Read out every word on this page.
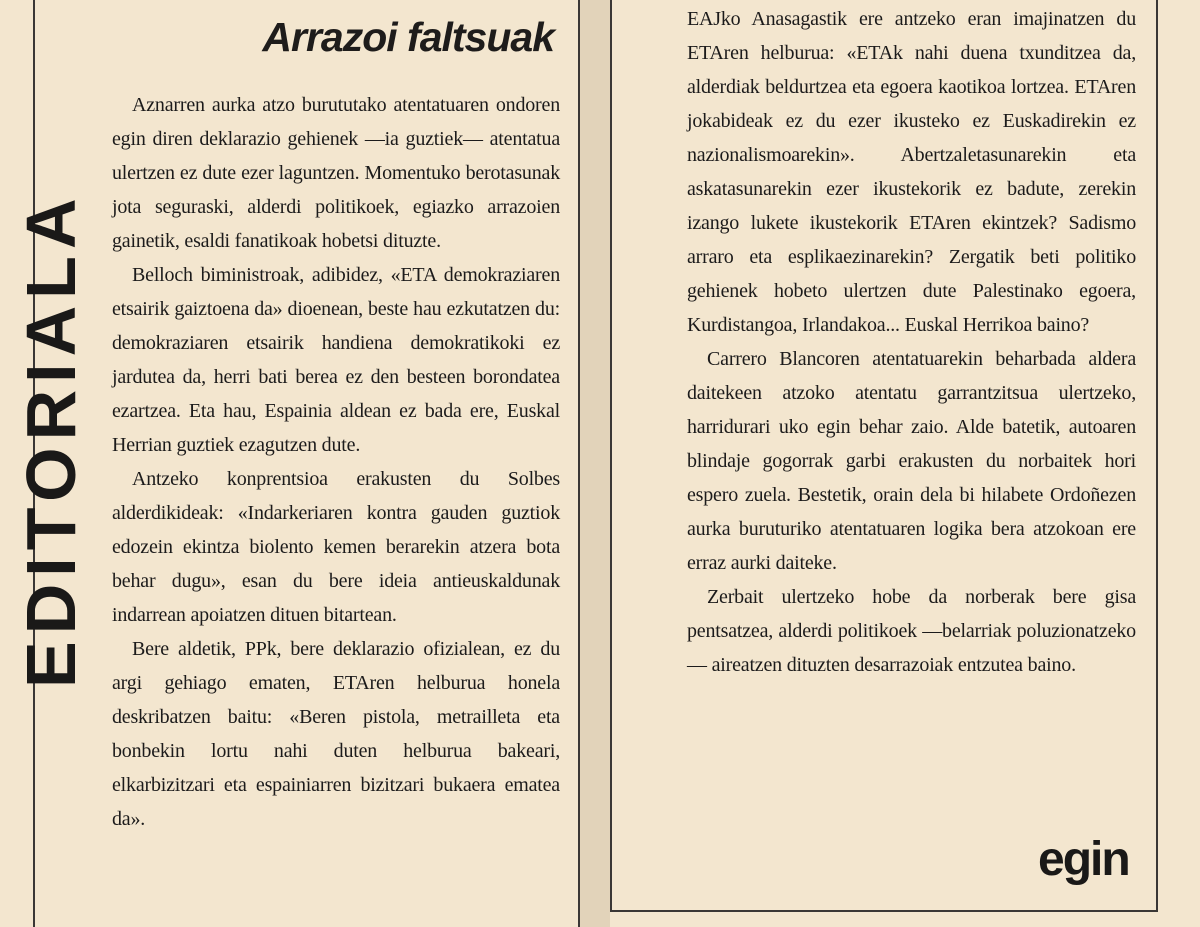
EDITORIALA
Arrazoi faltsuak

Aznarren aurka atzo burututako atentatuaren ondoren egin diren deklarazio gehienek —ia guztiek— atentatua ulertzen ez dute ezer laguntzen. Momentuko berotasunak jota seguraski, alderdi politikoek, egiazko arrazoien gainetik, esaldi fanatikoak hobetsi dituzte.

Belloch biministroak, adibidez, «ETA demokraziaren etsairik gaiztoena da» dioenean, beste hau ezkutatzen du: demokraziaren etsairik handiena demokratikoki ez jardutea da, herri bati berea ez den besteen borondatea ezartzea. Eta hau, Espainia aldean ez bada ere, Euskal Herrian guztiek ezagutzen dute.

Antzeko konprentsioa erakusten du Solbes alderdikideak: «Indarkeriaren kontra gauden guztiok edozein ekintza biolento kemen berarekin atzera bota behar dugu», esan du bere ideia antieuskaldunak indarrean apoiatzen dituen bitartean.

Bere aldetik, PPk, bere deklarazio ofizialean, ez du argi gehiago ematen, ETAren helburua honela deskribatzen baitu: «Beren pistola, metrailleta eta bonbekin lortu nahi duten helburua bakeari, elkarbizitzari eta espainiarren bizitzari bukaera ematea da».

EAJko Anasagastik ere antzeko eran imajinatzen du ETAren helburua: «ETAk nahi duena txunditzea da, alderdiak beldurtzea eta egoera kaotikoa lortzea. ETAren jokabideak ez du ezer ikusteko ez Euskadirekin ez nazionalismoarekin». Abertzaletasunarekin eta askatasunarekin ezer ikustekorik ez badute, zerekin izango lukete ikustekorik ETAren ekintzek? Sadismo arraro eta esplikaezinarekin? Zergatik beti politiko gehienek hobeto ulertzen dute Palestinako egoera, Kurdistangoa, Irlandakoa... Euskal Herrikoa baino?

Carrero Blancoren atentatuarekin beharbada aldera daitekeen atzoko atentatu garrantzitsua ulertzeko, harridurari uko egin behar zaio. Alde batetik, autoaren blindaje gogorrak garbi erakusten du norbaitek hori espero zuela. Bestetik, orain dela bi hilabete Ordoñezen aurka buruturiko atentatuaren logika bera atzokoan ere erraz aurki daiteke.

Zerbait ulertzeko hobe da norberak bere gisa pentsatzea, alderdi politikoek —belarriak poluzionatzeko— aireatzen dituzten desarrazoiak entzutea baino.

egin
